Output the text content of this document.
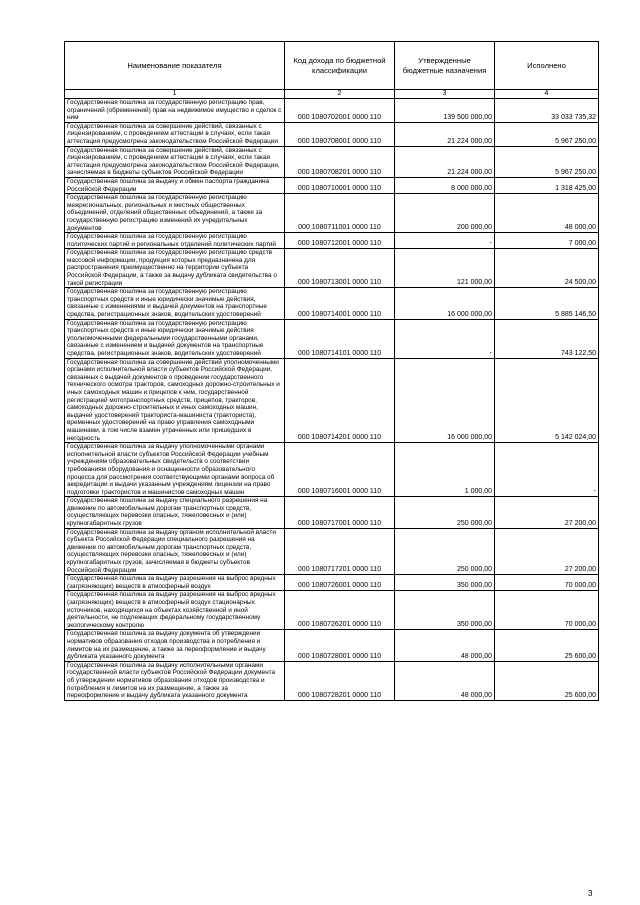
Наименование показателя	Код дохода по бюджетной классификации	Утвержденные бюджетные назначения	Исполнено
1	2	3	4
Государственная пошлина за государственную регистрацию прав, ограничений (обременений) прав на недвижимое имущество и сделок с ним	000 1080702001 0000 110	139 500 000,00	33 033 735,32
Государственная пошлина за совершение действий, связанных с лицензированием, с проведением аттестации в случаях, если такая аттестация предусмотрена законодательством Российской Федерации	000 1080708001 0000 110	21 224 000,00	5 967 250,00
Государственная пошлина за совершение действий, связанных с лицензированием, с проведением аттестации в случаях, если такая аттестация предусмотрена законодательством Российской Федерации, зачисляемая в бюджеты субъектов Российской Федерации	000 1080708201 0000 110	21 224 000,00	5 967 250,00
Государственная пошлина за выдачу и обмен паспорта гражданина Российской Федерации	000 1080710001 0000 110	8 000 000,00	1 318 425,00
Государственная пошлина за государственную регистрацию межрегиональных, региональных и местных общественных объединений, отделений общественных объединений, а также за государственную регистрацию изменений их учредительных документов	000 1080711001 0000 110	200 000,00	48 000,00
Государственная пошлина за государственную регистрацию политических партий и региональных отделений политических партий	000 1080712001 0000 110	-	7 000,00
Государственная пошлина за государственную регистрацию средств массовой информации, продукция которых предназначена для распространения преимущественно на территории субъекта Российской Федерации, а также за выдачу дубликата свидетельства о такой регистрации	000 1080713001 0000 110	121 000,00	24 500,00
Государственная пошлина за государственную регистрацию транспортных средств и иные юридически значимые действия, связанные с изменениями и выдачей документов на транспортные средства, регистрационных знаков, водительских удостоверений	000 1080714001 0000 110	16 000 000,00	5 885 146,50
Государственная пошлина за государственную регистрацию транспортных средств и иные юридически значимые действия уполномоченными федеральными государственными органами, связанные с изменением и выдачей документов на транспортные средства, регистрационных знаков, водительских удостоверений	000 1080714101 0000 110	-	743 122,50
Государственная пошлина за совершение действий уполномоченными органами исполнительной власти субъектов Российской Федерации, связанных с выдачей документов о проведении государственного технического осмотра тракторов, самоходных дорожно-строительных и иных самоходных машин и прицепов к ним, государственной регистрацией мототранспортных средств, прицепов, тракторов, самоходных дорожно-строительных и иных самоходных машин, выдачей удостоверений тракториста-машиниста (тракториста), временных удостоверений на право управления самоходными машинами, в том числе взамен утраченных или пришедших в негодность	000 1080714201 0000 110	16 000 000,00	5 142 024,00
Государственная пошлина за выдачу уполномоченными органами исполнительной власти субъектов Российской Федерации учебным учреждениям образовательных свидетельств о соответствии требованиям оборудования и оснащенности образовательного процесса для рассмотрения соответствующими органами вопроса об аккредитации и выдачи указанным учреждениям лицензии на право подготовки трактористов и машинистов самоходных машин	000 1080716001 0000 110	1 000,00	-
Государственная пошлина за выдачу специального разрешения на движение по автомобильным дорогам транспортных средств, осуществляющих перевозки опасных, тяжеловесных и (или) крупногабаритных грузов	000 1080717001 0000 110	250 000,00	27 200,00
Государственная пошлина за выдачу органом исполнительной власти субъекта Российской Федерации специального разрешения на движение по автомобильным дорогам транспортных средств, осуществляющих перевозки опасных, тяжеловесных и (или) крупногабаритных грузов, зачисляемая в бюджеты субъектов Российской Федерации	000 1080717201 0000 110	250 000,00	27 200,00
Государственная пошлина за выдачу разрешения на выброс вредных (загрязняющих) веществ в атмосферный воздух	000 1080726001 0000 110	350 000,00	70 000,00
Государственная пошлина за выдачу разрешения на выброс вредных (загрязняющих) веществ в атмосферный воздух стационарных источников, находящихся на объектах хозяйственной и иной деятельности, не подлежащих федеральному государственному экологическому контролю	000 1080726201 0000 110	350 000,00	70 000,00
Государственная пошлина за выдачу документа об утверждении нормативов образования отходов производства и потребления и лимитов на их размещение, а также за переоформление и выдачу дубликата указанного документа	000 1080728001 0000 110	48 000,00	25 600,00
Государственная пошлина за выдачу исполнительными органами государственной власти субъектов Российской Федерации документа об утверждении нормативов образования отходов производства и потребления и лимитов на их размещение, а также за переоформление и выдачу дубликата указанного документа	000 1080728201 0000 110	48 000,00	25 600,00
3
